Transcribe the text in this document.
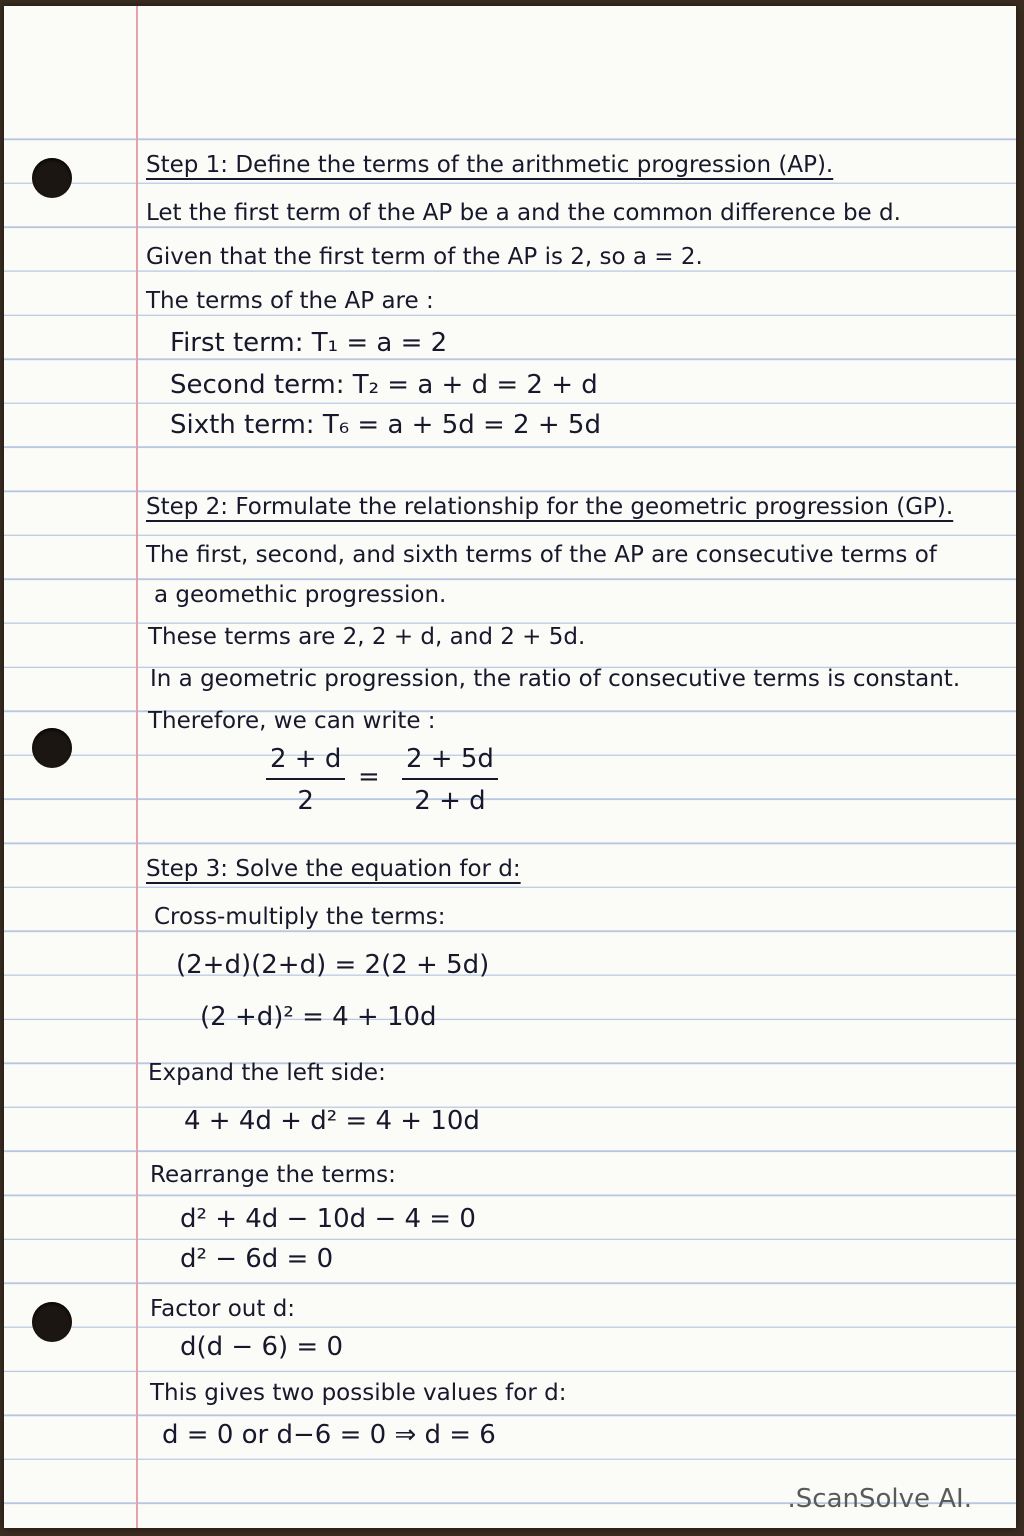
Step 1: Define the terms of the arithmetic progression (AP).
Let the first term of the AP be a and the common difference be d.
Given that the first term of the AP is 2, so a = 2.
The terms of the AP are :
First term: T₁ = a = 2
Second term: T₂ = a + d = 2 + d
Sixth term: T₆ = a + 5d = 2 + 5d
Step 2: Formulate the relationship for the geometric progression (GP).
The first, second, and sixth terms of the AP are consecutive terms of
a geomethic progression.
These terms are 2, 2 + d, and 2 + 5d.
In a geometric progression, the ratio of consecutive terms is constant.
Therefore, we can write :
$\frac{2 + d}{2} = \frac{2 + 5d}{2 + d}$
Step 3: Solve the equation for d:
Cross-multiply the terms:
(2+d)(2+d) = 2(2 + 5d)
(2 +d)² = 4 + 10d
Expand the left side:
4 + 4d + d² = 4 + 10d
Rearrange the terms:
d² + 4d − 10d − 4 = 0
d² − 6d = 0
Factor out d:
d(d − 6) = 0
This gives two possible values for d:
d = 0 or d−6 = 0 ⇒ d = 6
.ScanSolve AI.
